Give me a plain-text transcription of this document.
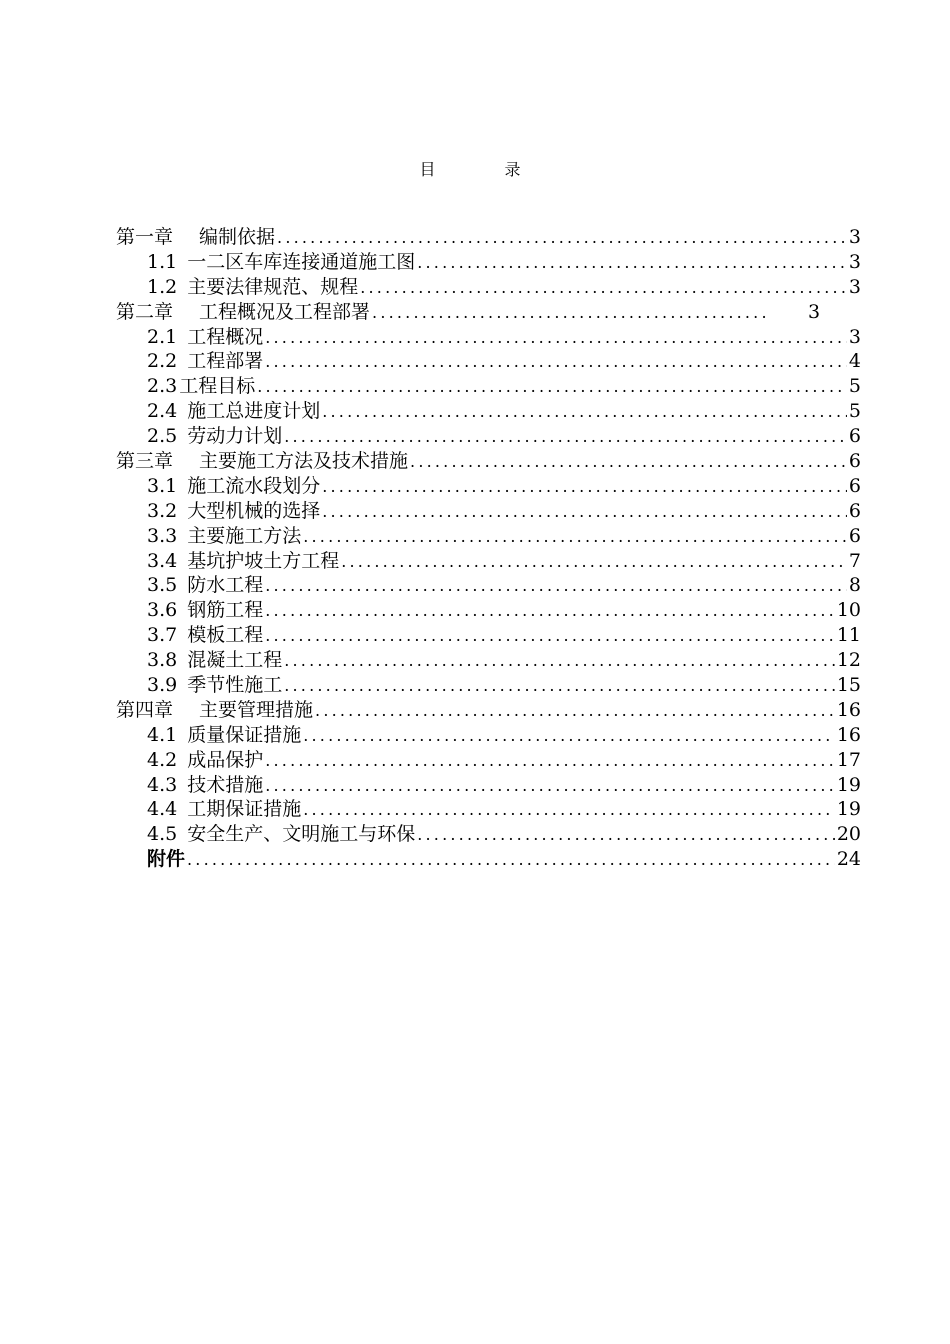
目 录
第一章 编制依据 .....	3
1.1 一二区车库连接通道施工图 .....	3
1.2 主要法律规范、规程 .....	3
第二章 工程概况及工程部署 .....	3
2.1 工程概况 .....	3
2.2 工程部署 .....	4
2.3 工程目标 .....	5
2.4 施工总进度计划 .....	5
2.5 劳动力计划 .....	6
第三章 主要施工方法及技术措施 .....	6
3.1 施工流水段划分 .....	6
3.2 大型机械的选择 .....	6
3.3 主要施工方法 .....	6
3.4 基坑护坡土方工程 .....	7
3.5 防水工程 .....	8
3.6 钢筋工程 .....	10
3.7 模板工程 .....	11
3.8 混凝土工程 .....	12
3.9 季节性施工 .....	15
第四章 主要管理措施 .....	16
4.1 质量保证措施 .....	16
4.2 成品保护 .....	17
4.3 技术措施 .....	19
4.4 工期保证措施 .....	19
4.5 安全生产、文明施工与环保 .....	20
附件 .....	24
